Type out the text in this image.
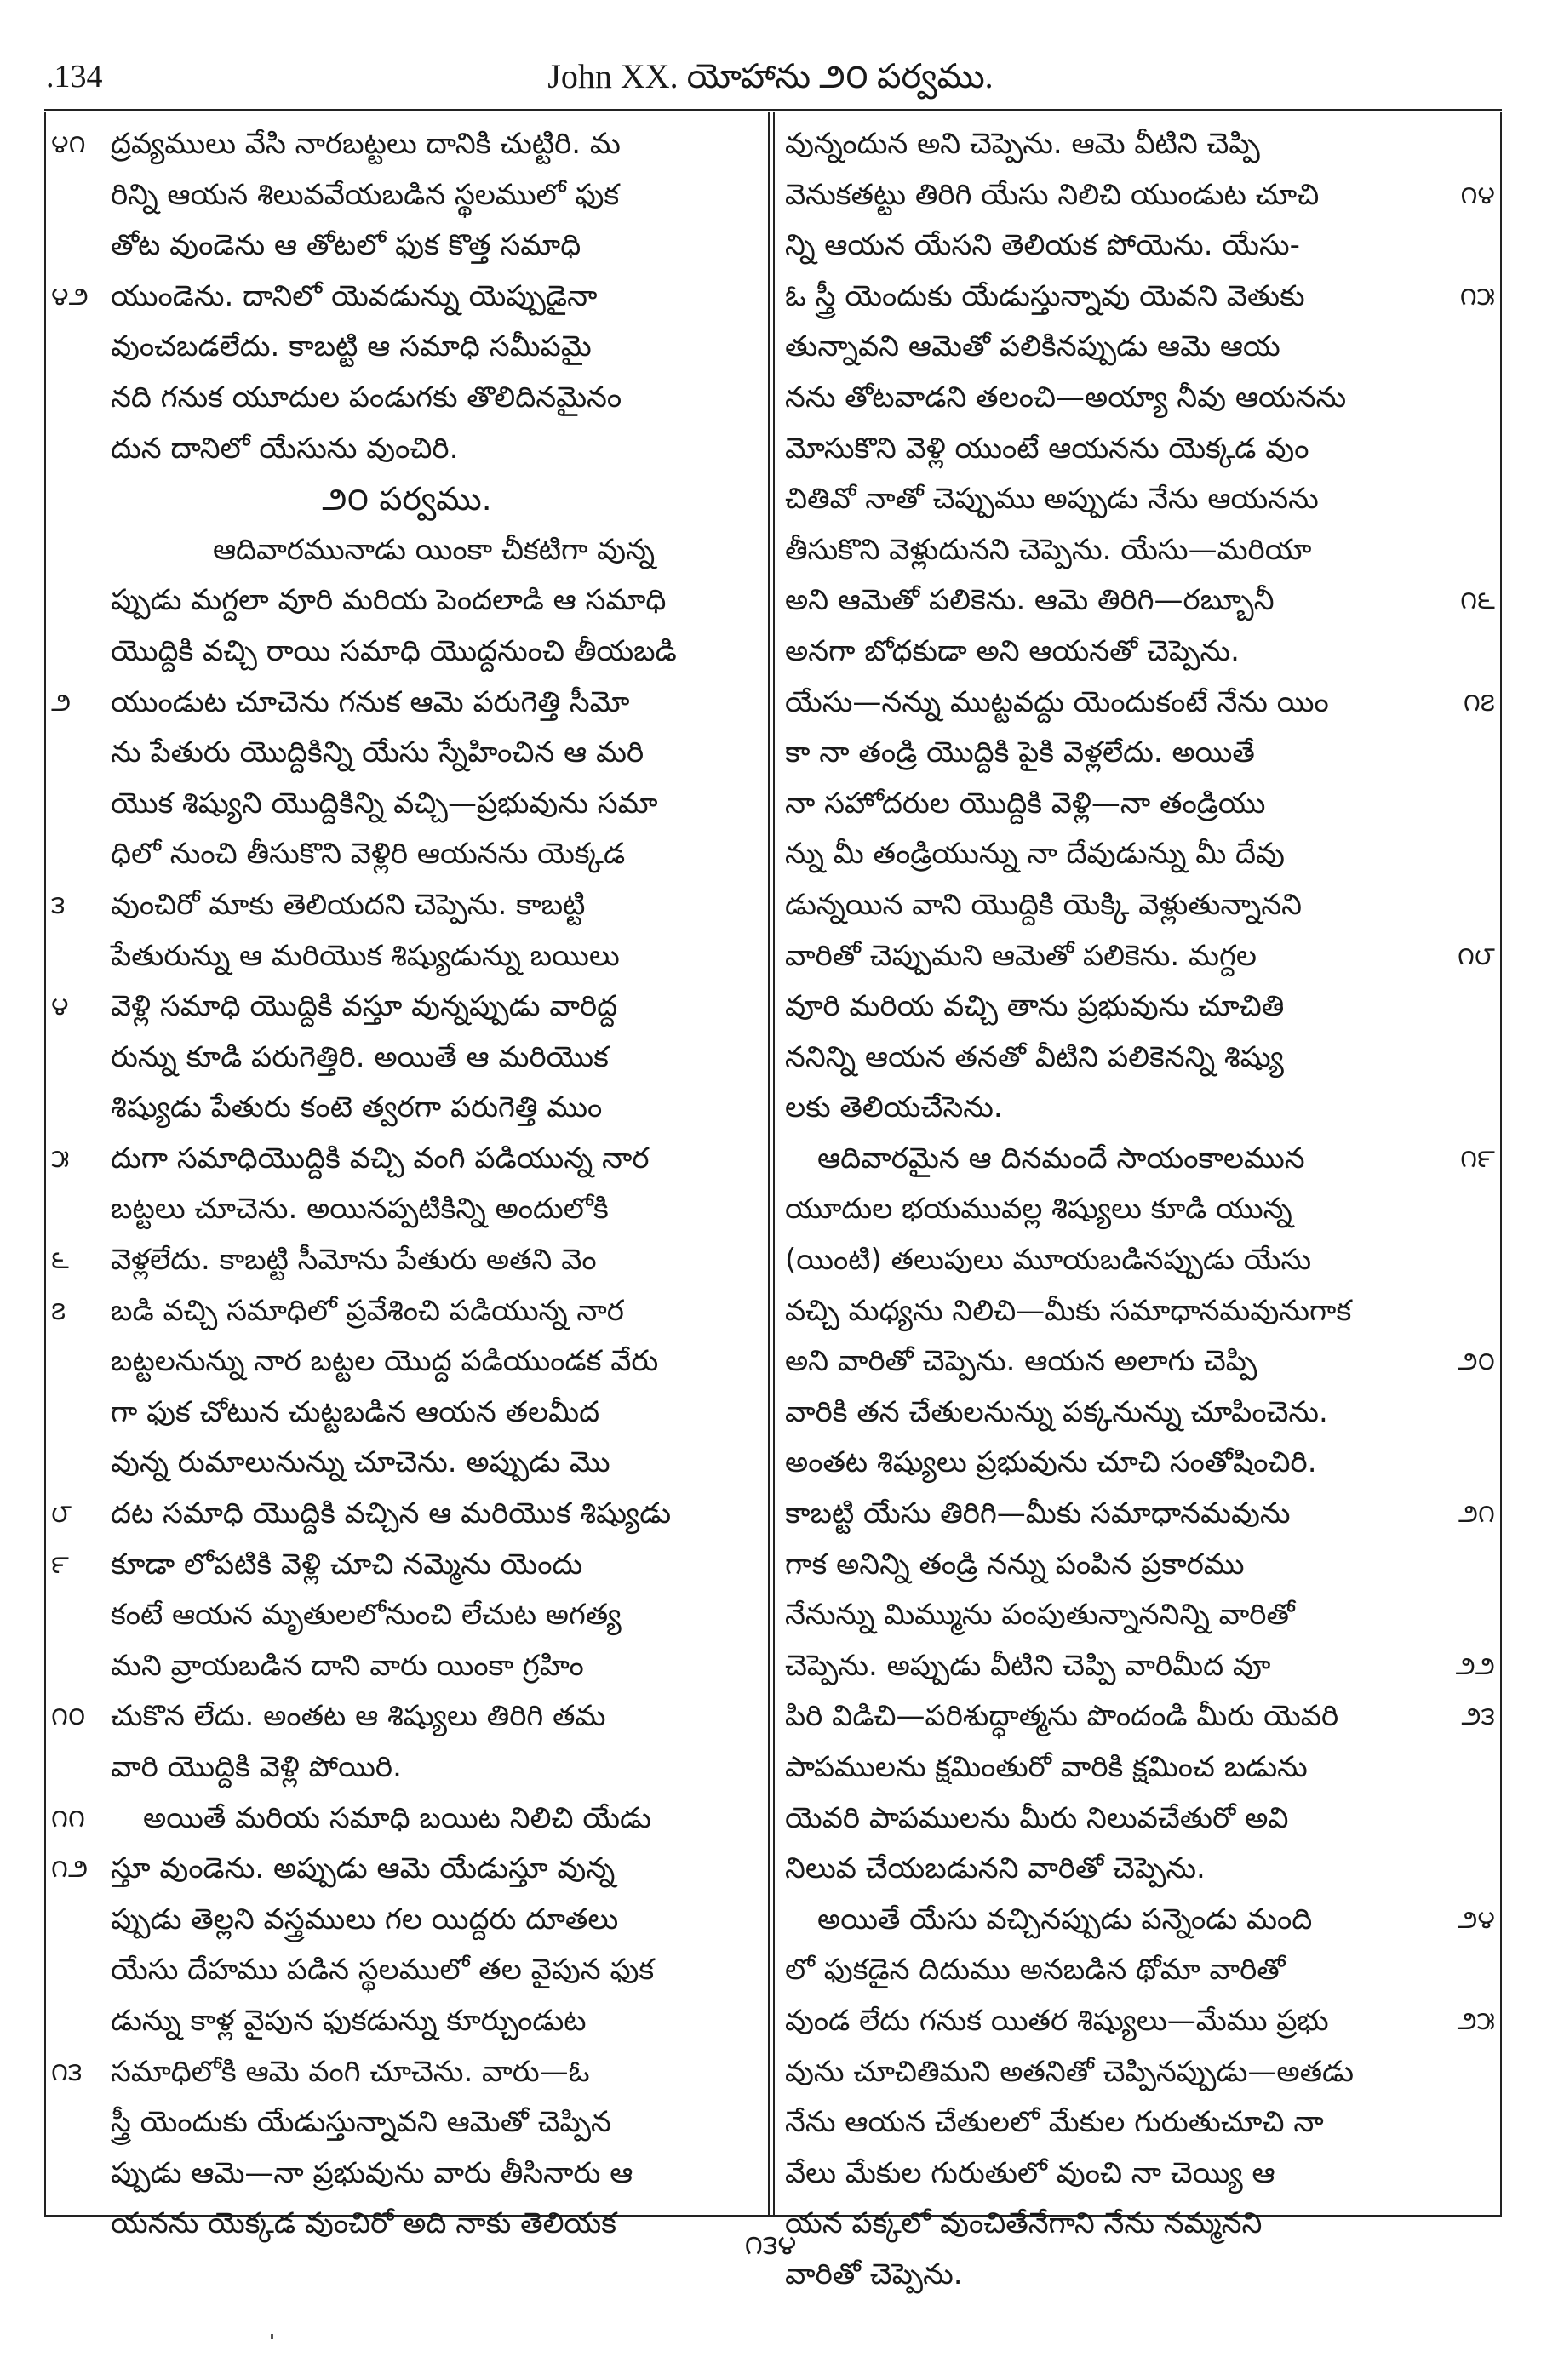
.134	John XX. యోహాను ౨౦ పర్వము.
౪౧ ద్రవ్యములు వేసి నారబట్టలు దానికి చుట్టిరి. మ
రిన్ని ఆయన శిలువవేయబడిన స్థలములో ఫుక
తోట వుండెను ఆ తోటలో ఫుక కొత్త సమాధి
౪౨ యుండెను. దానిలో యెవడున్ను యెప్పుడైనా
వుంచబడలేదు. కాబట్టి ఆ సమాధి సమీపమై
నది గనుక యూదుల పండుగకు తొలిదినమైనం
దున దానిలో యేసును వుంచిరి.
౨౦ పర్వము.
ఆదివారమునాడు యింకా చీకటిగా వున్న
ప్పుడు మగ్దలా వూరి మరియ పెందలాడి ఆ సమాధి
యొద్దికి వచ్చి రాయి సమాధి యొద్దనుంచి తీయబడి
౨	యుండుట చూచెను గనుక ఆమె పరుగెత్తి సీమో
ను పేతురు యొద్దికిన్ని యేసు స్నేహించిన ఆ మరి
యొక శిష్యుని యొద్దికిన్ని వచ్చి—ప్రభువును సమా
ధిలో నుంచి తీసుకొని వెళ్లిరి ఆయనను యెక్కడ
౩	వుంచిరో మాకు తెలియదని చెప్పెను. కాబట్టి
పేతురున్ను ఆ మరియొక శిష్యుడున్ను బయిలు
౪	వెళ్లి సమాధి యొద్దికి వస్తూ వున్నప్పుడు వారిద్ద
రున్ను కూడి పరుగెత్తిరి. అయితే ఆ మరియొక
శిష్యుడు పేతురు కంటె త్వరగా పరుగెత్తి ముం
౫	దుగా సమాధియొద్దికి వచ్చి వంగి పడియున్న నార
బట్టలు చూచెను. అయినప్పటికిన్ని అందులోకి
౬	వెళ్లలేదు. కాబట్టి సీమోను పేతురు అతని వెం
౭	బడి వచ్చి సమాధిలో ప్రవేశించి పడియున్న నార
బట్టలనున్ను నార బట్టల యొద్ద పడియుండక వేరు
గా ఫుక చోటున చుట్టబడిన ఆయన తలమీద
వున్న రుమాలునున్ను చూచెను. అప్పుడు మొ
౮	దట సమాధి యొద్దికి వచ్చిన ఆ మరియొక శిష్యుడు
౯	కూడా లోపటికి వెళ్లి చూచి నమ్మెను యెందు
కంటే ఆయన మృతులలోనుంచి లేచుట అగత్య
మని వ్రాయబడిన దాని వారు యింకా గ్రహిం
౧౦ చుకొన లేదు. అంతట ఆ శిష్యులు తిరిగి తమ
వారి యొద్దికి వెళ్లి పోయిరి.
౧౧	అయితే మరియ సమాధి బయిట నిలిచి యేడు
౧౨ స్తూ వుండెను. అప్పుడు ఆమె యేడుస్తూ వున్న
ప్పుడు తెల్లని వస్త్రములు గల యిద్దరు దూతలు
యేసు దేహము పడిన స్థలములో తల వైపున ఫుక
డున్ను కాళ్ల వైపున ఫుకడున్ను కూర్చుండుట
౧౩ సమాధిలోకి ఆమె వంగి చూచెను. వారు—ఓ
స్త్రీ యెందుకు యేడుస్తున్నావని ఆమెతో చెప్పిన
ప్పుడు ఆమె—నా ప్రభువును వారు తీసినారు ఆ
యనను యెక్కడ వుంచిరో అది నాకు తెలియక
వున్నందున అని చెప్పెను. ఆమె వీటిని చెప్పి
౧౪
వెనుకతట్టు తిరిగి యేసు నిలిచి యుండుట చూచి
న్ని ఆయన యేసని తెలియక పోయెను. యేసు-
౧౫
ఓ స్త్రీ యెందుకు యేడుస్తున్నావు యెవని వెతుకు
తున్నావని ఆమెతో పలికినప్పుడు ఆమె ఆయ
నను తోటవాడని తలంచి—అయ్యా నీవు ఆయనను
మోసుకొని వెళ్లి యుంటే ఆయనను యెక్కడ వుం
చితివో నాతో చెప్పుము అప్పుడు నేను ఆయనను
తీసుకొని వెళ్లుదునని చెప్పెను. యేసు—మరియా
౧౬
అని ఆమెతో పలికెను. ఆమె తిరిగి—రబ్బూనీ
అనగా బోధకుడా అని ఆయనతో చెప్పెను.
౧౭
యేసు—నన్ను ముట్టవద్దు యెందుకంటే నేను యిం
కా నా తండ్రి యొద్దికి పైకి వెళ్లలేదు. అయితే
నా సహోదరుల యొద్దికి వెళ్లి—నా తండ్రియు
న్ను మీ తండ్రియున్ను నా దేవుడున్ను మీ దేవు
డున్నయిన వాని యొద్దికి యెక్కి వెళ్లుతున్నానని
౧౮
వారితో చెప్పుమని ఆమెతో పలికెను. మగ్దల
వూరి మరియ వచ్చి తాను ప్రభువును చూచితి
ననిన్ని ఆయన తనతో వీటిని పలికెనన్ని శిష్యు
లకు తెలియచేసెను.
౧౯
ఆదివారమైన ఆ దినమందే సాయంకాలమున
యూదుల భయమువల్ల శిష్యులు కూడి యున్న
(యింటి) తలుపులు మూయబడినప్పుడు యేసు
వచ్చి మధ్యను నిలిచి—మీకు సమాధానమవునుగాక
౨౦
అని వారితో చెప్పెను. ఆయన అలాగు చెప్పి
వారికి తన చేతులనున్ను పక్కనున్ను చూపించెను.
అంతట శిష్యులు ప్రభువును చూచి సంతోషించిరి.
౨౧
కాబట్టి యేసు తిరిగి—మీకు సమాధానమవును
గాక అనిన్ని తండ్రి నన్ను పంపిన ప్రకారము
నేనున్ను మిమ్మును పంపుతున్నాననిన్ని వారితో
౨౨
చెప్పెను. అప్పుడు వీటిని చెప్పి వారిమీద వూ
౨౩
పిరి విడిచి—పరిశుద్ధాత్మను పొందండి మీరు యెవరి
పాపములను క్షమింతురో వారికి క్షమించ బడును
యెవరి పాపములను మీరు నిలువచేతురో అవి
నిలువ చేయబడునని వారితో చెప్పెను.
౨౪
అయితే యేసు వచ్చినప్పుడు పన్నెండు మంది
లో ఫుకడైన దిదుము అనబడిన థోమా వారితో
౨౫
వుండ లేదు గనుక యితర శిష్యులు—మేము ప్రభు
వును చూచితిమని అతనితో చెప్పినప్పుడు—అతడు
నేను ఆయన చేతులలో మేకుల గురుతుచూచి నా
వేలు మేకుల గురుతులో వుంచి నా చెయ్యి ఆ
యన పక్కలో వుంచితేనేగాని నేను నమ్మనని
వారితో చెప్పెను.
౧౩౪
